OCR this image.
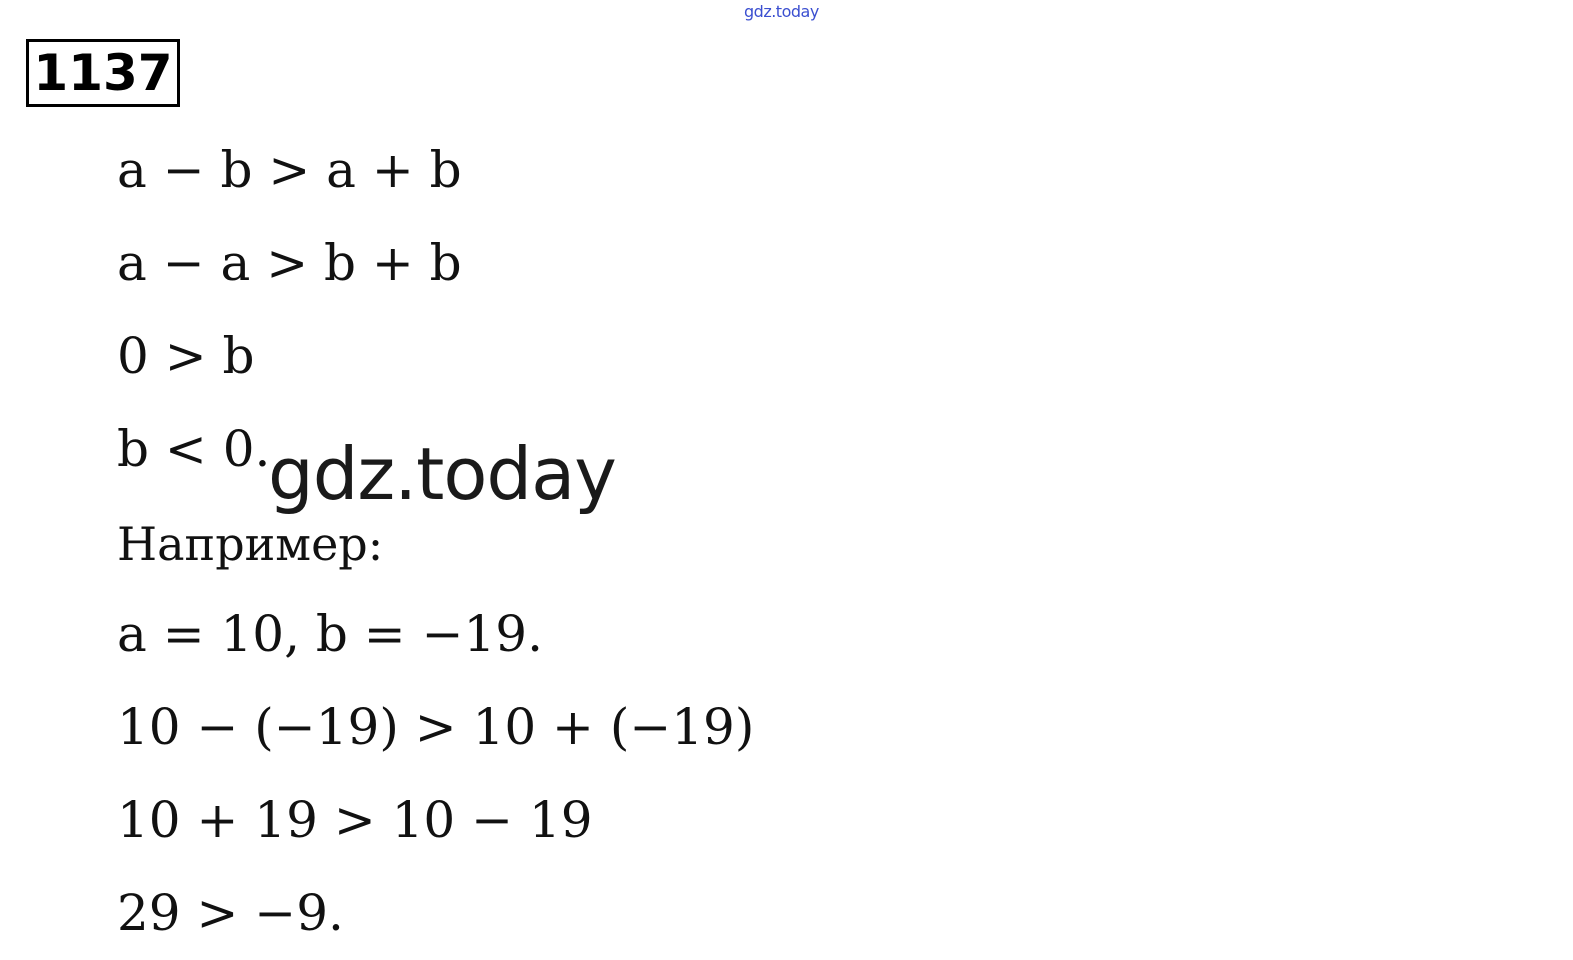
gdz.today
1137
a − b > a + b
a − a > b + b
0 > b
b < 0.
Например:
a = 10, b = −19.
10 − (−19) > 10 + (−19)
10 + 19 > 10 − 19
29 > −9.
gdz.today
